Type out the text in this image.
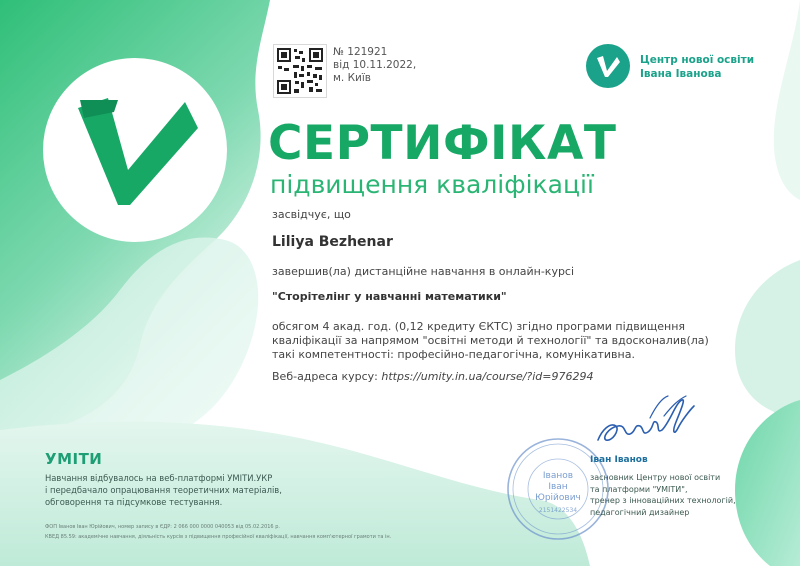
№ 121921
від 10.11.2022,
м. Київ
Центр нової освіти
Івана Іванова
СЕРТИФІКАТ
підвищення кваліфікації
засвідчує, що
Liliya Bezhenar
завершив(ла) дистанційне навчання в онлайн-курсі
"Сторітелінг у навчанні математики"
обсягом 4 акад. год. (0,12 кредиту ЄКТС) згідно програми підвищення
кваліфікації за напрямом "освітні методи й технології" та вдосконалив(ла)
такі компетентності: професійно-педагогічна, комунікативна.
Веб-адреса курсу: https://umity.in.ua/course/?id=976294
УМІТИ
Навчання відбувалось на веб-платформі УМІТИ.УКР
і передбачало опрацювання теоретичних матеріалів,
обговорення та підсумкове тестування.
ФОП Іванов Іван Юрійович, номер запису в ЄДР: 2 066 000 0000 040053 від 05.02.2016 р.
КВЕД 85.59: академічне навчання, діяльність курсів з підвищення професійної кваліфікації, навчання комп'ютерної грамоти та ін.
Іванов
Іван
Юрійович
2151422534
Іван Іванов
засновник Центру нової освіти
та платформи "УМІТИ",
тренер з інноваційних технологій,
педагогічний дизайнер
